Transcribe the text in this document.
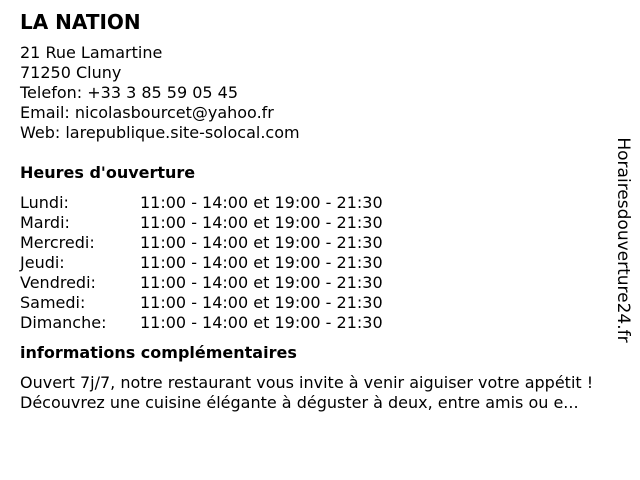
LA NATION
21 Rue Lamartine
71250 Cluny
Telefon: +33 3 85 59 05 45
Email: nicolasbourcet@yahoo.fr
Web: larepublique.site-solocal.com
Heures d'ouverture
Lundi:	11:00 - 14:00 et 19:00 - 21:30
Mardi:	11:00 - 14:00 et 19:00 - 21:30
Mercredi:	11:00 - 14:00 et 19:00 - 21:30
Jeudi:	11:00 - 14:00 et 19:00 - 21:30
Vendredi:	11:00 - 14:00 et 19:00 - 21:30
Samedi:	11:00 - 14:00 et 19:00 - 21:30
Dimanche:	11:00 - 14:00 et 19:00 - 21:30
informations complémentaires
Ouvert 7j/7, notre restaurant vous invite à venir aiguiser votre appétit !
Découvrez une cuisine élégante à déguster à deux, entre amis ou e...
Horairesdouverture24.fr
